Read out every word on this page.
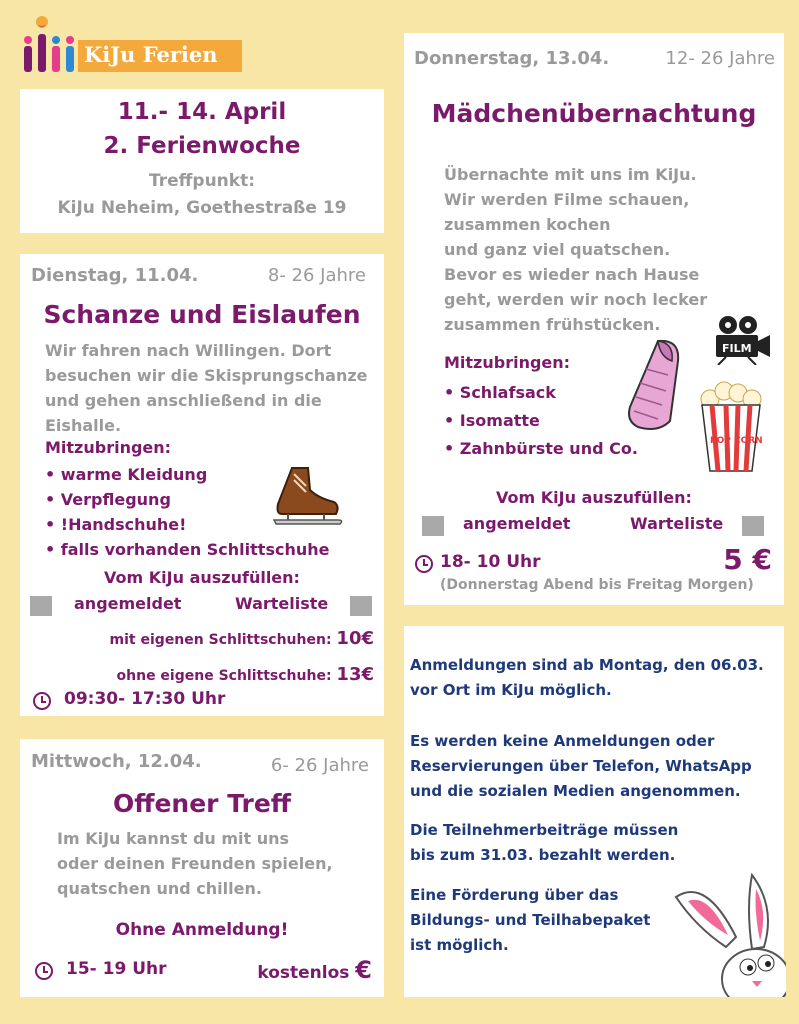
‿
KiJu Ferien
11.- 14. April
2. Ferienwoche
Treffpunkt:
KiJu Neheim, Goethestraße 19
Dienstag, 11.04.	8- 26 Jahre
Schanze und Eislaufen
Wir fahren nach Willingen. Dort
besuchen wir die Skisprungschanze
und gehen anschließend in die
Eishalle.
Mitzubringen:
• warme Kleidung
• Verpflegung
• !Handschuhe!
• falls vorhanden Schlittschuhe
Vom KiJu auszufüllen:
angemeldet	Warteliste
mit eigenen Schlittschuhen: 10€
ohne eigene Schlittschuhe: 13€
09:30- 17:30 Uhr
Mittwoch, 12.04.	6- 26 Jahre
Offener Treff
Im KiJu kannst du mit uns
oder deinen Freunden spielen,
quatschen und chillen.
Ohne Anmeldung!
15- 19 Uhr	kostenlos €
Donnerstag, 13.04.	12- 26 Jahre
Mädchenübernachtung
Übernachte mit uns im KiJu.
Wir werden Filme schauen,
zusammen kochen
und ganz viel quatschen.
Bevor es wieder nach Hause
geht, werden wir noch lecker
zusammen frühstücken.
Mitzubringen:
• Schlafsack
• Isomatte
• Zahnbürste und Co.
FILM
POP CORN
Vom KiJu auszufüllen:
angemeldet	Warteliste
18- 10 Uhr	5 €
(Donnerstag Abend bis Freitag Morgen)
Anmeldungen sind ab Montag, den 06.03.
vor Ort im KiJu möglich.
Es werden keine Anmeldungen oder
Reservierungen über Telefon, WhatsApp
und die sozialen Medien angenommen.
Die Teilnehmerbeiträge müssen
bis zum 31.03. bezahlt werden.
Eine Förderung über das
Bildungs- und Teilhabepaket
ist möglich.
